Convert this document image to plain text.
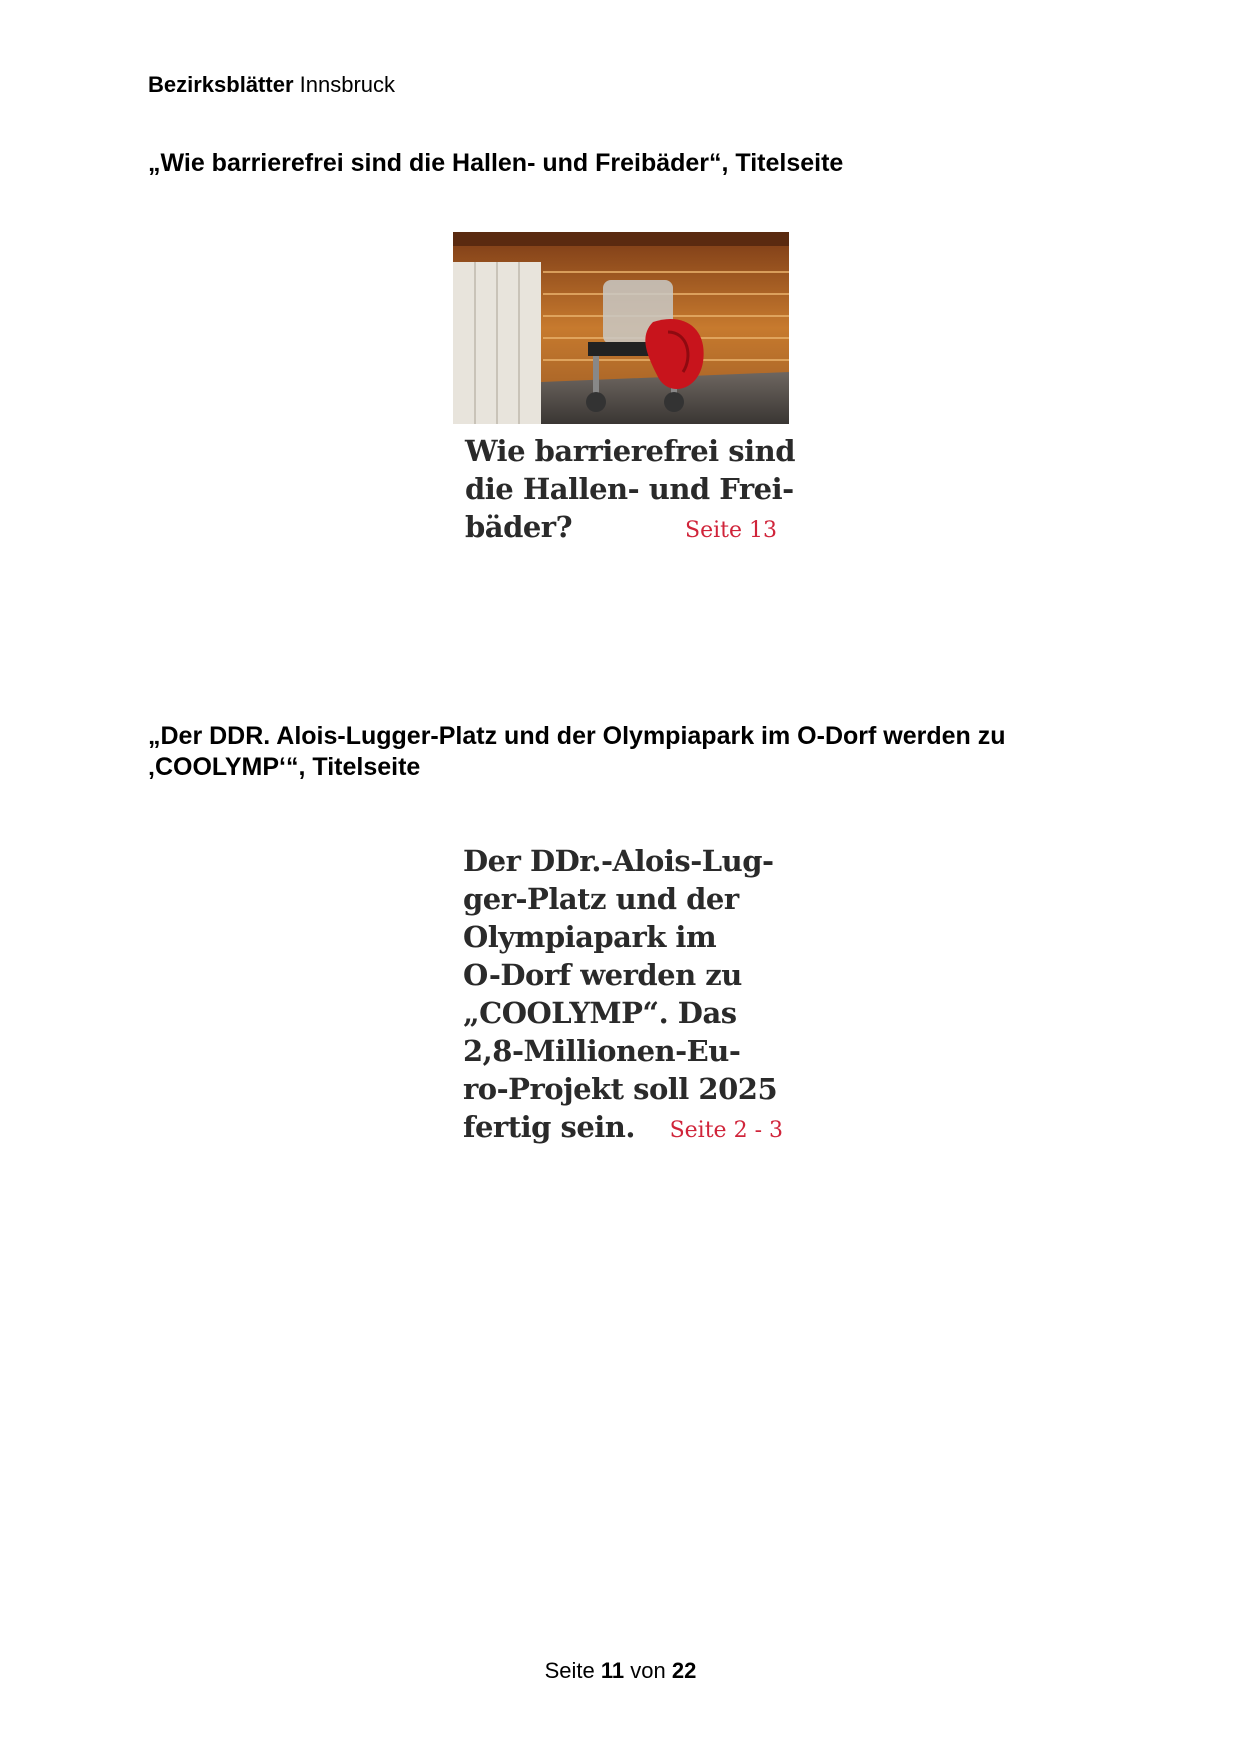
Bezirksblätter Innsbruck
„Wie barrierefrei sind die Hallen- und Freibäder“, Titelseite
Wie barrierefrei sind
die Hallen- und Frei-
bäder?	Seite 13
„Der DDR. Alois-Lugger-Platz und der Olympiapark im O-Dorf werden zu
‚COOLYMP‘“, Titelseite
Der DDr.-Alois-Lug-
ger-Platz und der
Olympiapark im
O-Dorf werden zu
„COOLYMP“. Das
2,8-Millionen-Eu-
ro-Projekt soll 2025
fertig sein. Seite 2 - 3
Seite 11 von 22
